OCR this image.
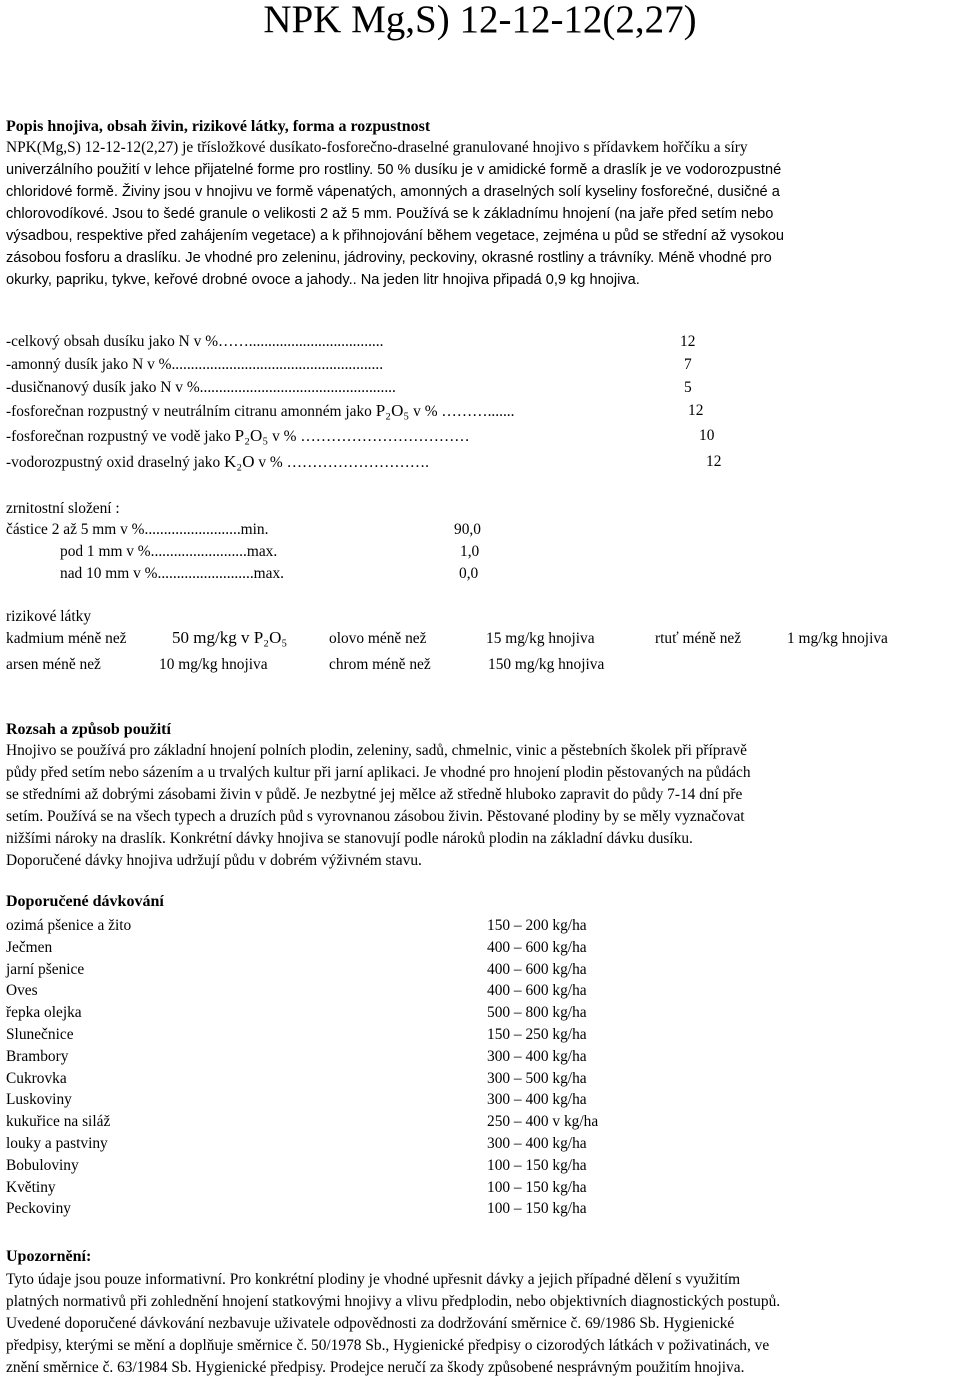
NPK Mg,S) 12-12-12(2,27)
Popis hnojiva, obsah živin, rizikové látky, forma a rozpustnost
NPK(Mg,S) 12-12-12(2,27) je třísložkové dusíkato-fosforečno-draselné granulované hnojivo s přídavkem hořčíku a síry
univerzálního použití v lehce přijatelné forme pro rostliny. 50 % dusíku je v amidické formě a draslík je ve vodorozpustné
chloridové formě. Živiny jsou v hnojivu ve formě vápenatých, amonných a draselných solí kyseliny fosforečné, dusičné a
chlorovodíkové. Jsou to šedé granule o velikosti 2 až 5 mm. Používá se k základnímu hnojení (na jaře před setím nebo
výsadbou, respektive před zahájením vegetace) a k přihnojování během vegetace, zejména u půd se střední až vysokou
zásobou fosforu a draslíku. Je vhodné pro zeleninu, jádroviny, peckoviny, okrasné rostliny a trávníky. Méně vhodné pro
okurky, papriku, tykve, keřové drobné ovoce a jahody.. Na jeden litr hnojiva připadá 0,9 kg hnojiva.
-celkový obsah dusíku jako N v %……...................................	12
-amonný dusík jako N v %.......................................................	7
-dusičnanový dusík jako N v %...................................................	5
-fosforečnan rozpustný v neutrálním citranu amonném jako P₂O₅ v % ……….......	12
-fosforečnan rozpustný ve vodě jako P₂O₅ v % ……………………………	10
-vodorozpustný oxid draselný jako K₂O v % ……………………….	12
zrnitostní složení :
částice 2 až 5 mm v %.........................min.	90,0
pod 1 mm v %.........................max.	1,0
nad 10 mm v %.........................max.	0,0
rizikové látky
kadmium méně než	50 mg/kg v P₂O₅	olovo méně než	15 mg/kg hnojiva	rtuť méně než	1 mg/kg hnojiva
arsen méně než	10 mg/kg hnojiva	chrom méně než	150 mg/kg hnojiva
Rozsah a způsob použití
Hnojivo se používá pro základní hnojení polních plodin, zeleniny, sadů, chmelnic, vinic a pěstebních školek při přípravě
půdy před setím nebo sázením a u trvalých kultur při jarní aplikaci. Je vhodné pro hnojení plodin pěstovaných na půdách
se středními až dobrými zásobami živin v půdě. Je nezbytné jej mělce až středně hluboko zapravit do půdy 7-14 dní pře
setím. Používá se na všech typech a druzích půd s vyrovnanou zásobou živin. Pěstované plodiny by se měly vyznačovat
nižšími nároky na draslík. Konkrétní dávky hnojiva se stanovují podle nároků plodin na základní dávku dusíku.
Doporučené dávky hnojiva udržují půdu v dobrém výživném stavu.
Doporučené dávkování
ozimá pšenice a žito	150 – 200 kg/ha
Ječmen	400 – 600 kg/ha
jarní pšenice	400 – 600 kg/ha
Oves	400 – 600 kg/ha
řepka olejka	500 – 800 kg/ha
Slunečnice	150 – 250 kg/ha
Brambory	300 – 400 kg/ha
Cukrovka	300 – 500 kg/ha
Luskoviny	300 – 400 kg/ha
kukuřice na siláž	250 – 400 v kg/ha
louky a pastviny	300 – 400 kg/ha
Bobuloviny	100 – 150 kg/ha
Květiny	100 – 150 kg/ha
Peckoviny	100 – 150 kg/ha
Upozornění:
Tyto údaje jsou pouze informativní. Pro konkrétní plodiny je vhodné upřesnit dávky a jejich případné dělení s využitím
platných normativů při zohlednění hnojení statkovými hnojivy a vlivu předplodin, nebo objektivních diagnostických postupů.
Uvedené doporučené dávkování nezbavuje uživatele odpovědnosti za dodržování směrnice č. 69/1986 Sb. Hygienické
předpisy, kterými se mění a doplňuje směrnice č. 50/1978 Sb., Hygienické předpisy o cizorodých látkách v poživatinách, ve
znění směrnice č. 63/1984 Sb. Hygienické předpisy. Prodejce neručí za škody způsobené nesprávným použitím hnojiva.
